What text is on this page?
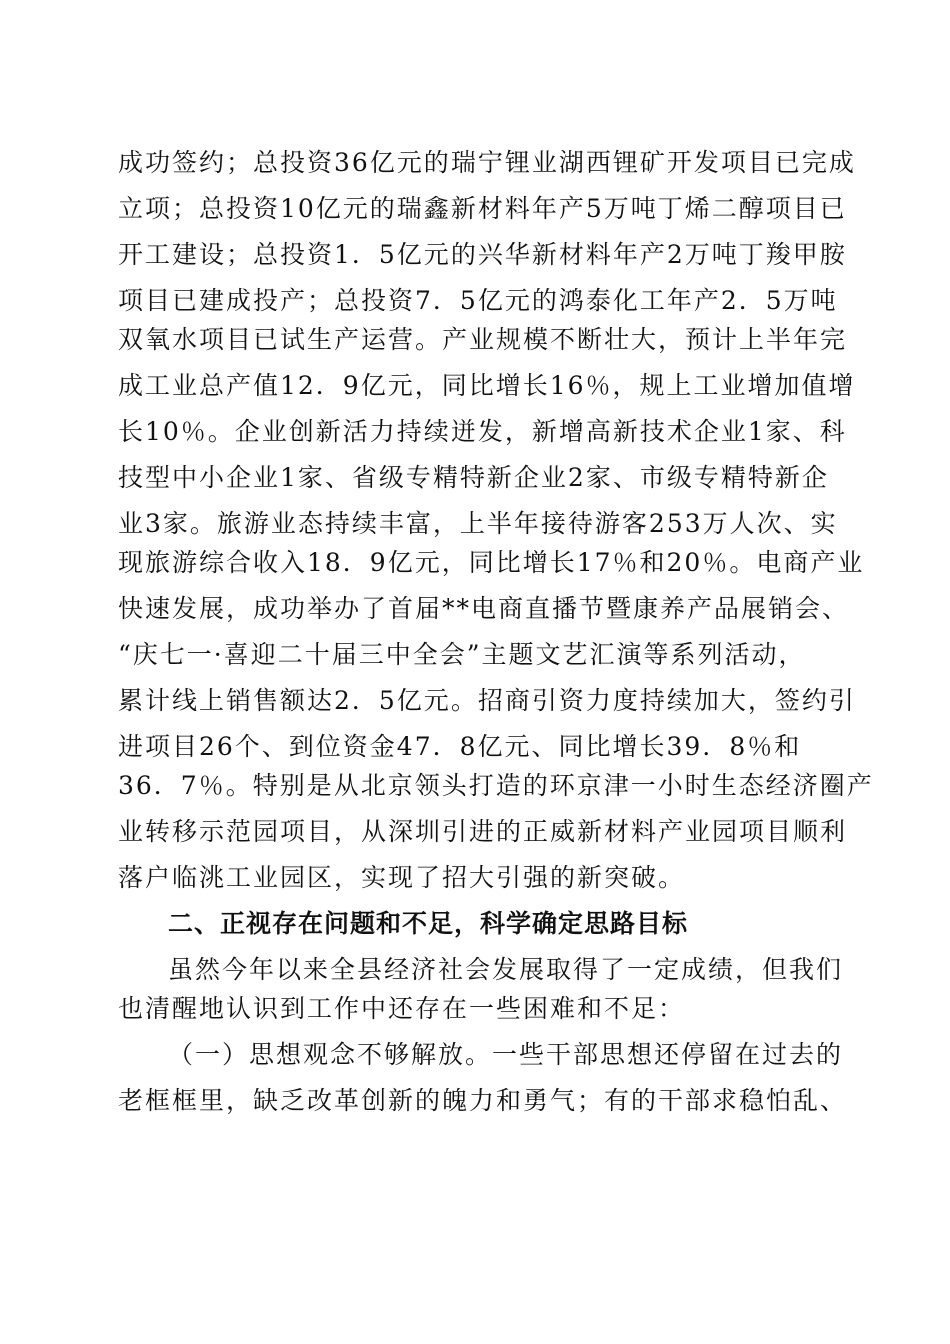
成功签约；总投资36亿元的瑞宁锂业湖西锂矿开发项目已完成
立项；总投资10亿元的瑞鑫新材料年产5万吨丁烯二醇项目已
开工建设；总投资1．5亿元的兴华新材料年产2万吨丁羧甲胺
项目已建成投产；总投资7．5亿元的鸿泰化工年产2．5万吨
双氧水项目已试生产运营。产业规模不断壮大，预计上半年完
成工业总产值12．9亿元，同比增长16％，规上工业增加值增
长10％。企业创新活力持续迸发，新增高新技术企业1家、科
技型中小企业1家、省级专精特新企业2家、市级专精特新企
业3家。旅游业态持续丰富，上半年接待游客253万人次、实
现旅游综合收入18．9亿元，同比增长17％和20％。电商产业
快速发展，成功举办了首届**电商直播节暨康养产品展销会、
“庆七一·喜迎二十届三中全会”主题文艺汇演等系列活动，
累计线上销售额达2．5亿元。招商引资力度持续加大，签约引
进项目26个、到位资金47．8亿元、同比增长39．8％和
36．7％。特别是从北京领头打造的环京津一小时生态经济圈产
业转移示范园项目，从深圳引进的正威新材料产业园项目顺利
落户临洮工业园区，实现了招大引强的新突破。
二、正视存在问题和不足，科学确定思路目标
虽然今年以来全县经济社会发展取得了一定成绩，但我们
也清醒地认识到工作中还存在一些困难和不足：
（一）思想观念不够解放。一些干部思想还停留在过去的
老框框里，缺乏改革创新的魄力和勇气；有的干部求稳怕乱、
